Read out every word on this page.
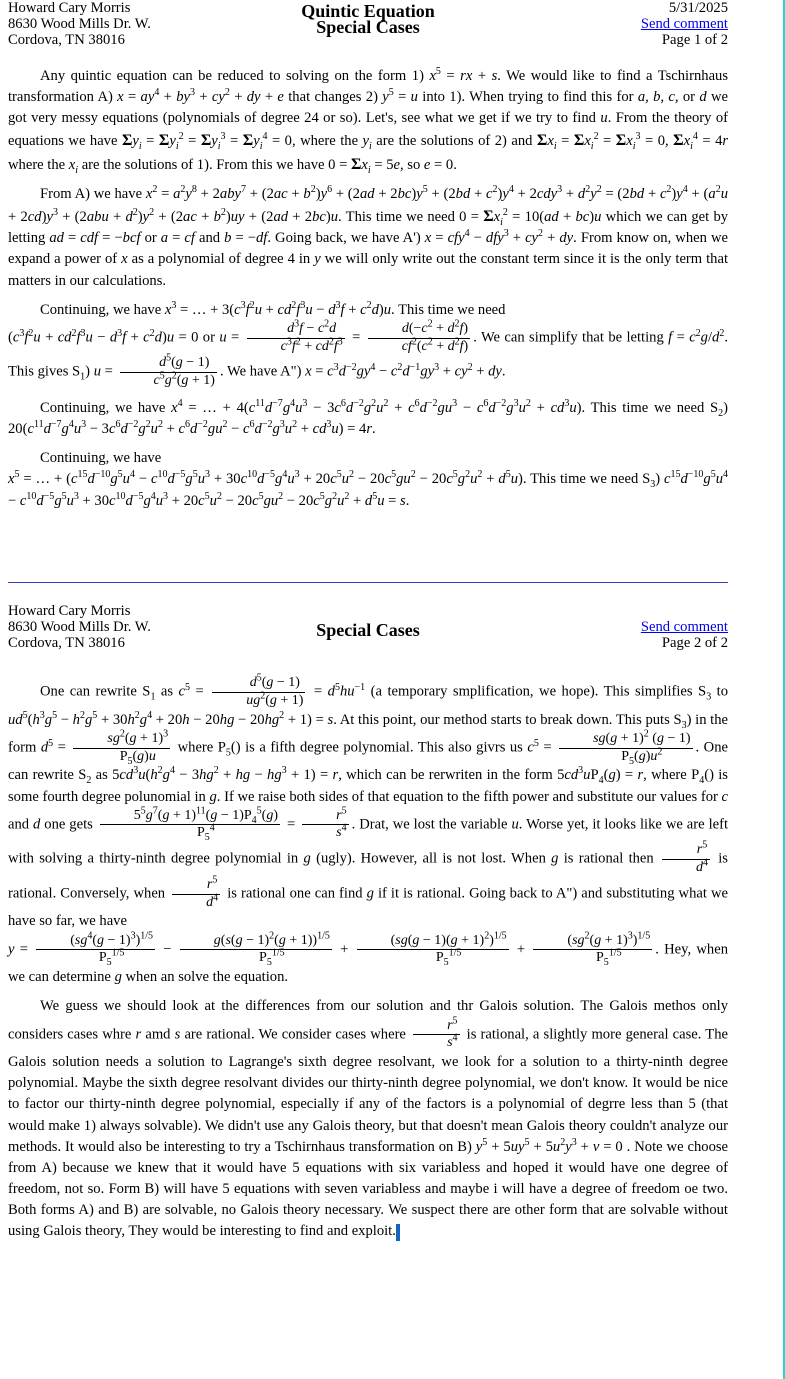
Howard Cary Morris
8630 Wood Mills Dr. W.
Cordova, TN 38016
Quintic Equation
Special Cases
5/31/2025
Send comment
Page 1 of 2

Any quintic equation can be reduced to solving on the form 1) $x^5$ = rx + s. We would like to find a Tschirnhaus transformation A) $x = ay^4 + by^3 + cy^2$ + dy + e that changes 2) $y^5 = u$ into 1). When trying to find this for a, b, c, or d we got very messy equations (polynomials of degree 24 or so). Let's, see what we get if we try to find u. From the theory of equations we have $\Sigma y_i = \Sigma y_i^2 = \Sigma y_i^3 = \Sigma y_i^4 = 0$, where the $y_i$ are the solutions of 2) and $\Sigma x_i = \Sigma x_i^2 = \Sigma x_i^3 = 0$, $\Sigma x_i^4 = 4r$ where the $x_i$ are the solutions of 1). From this we have $0 = \Sigma x_i = 5e$, so e = 0.

From A) we have $x^2 = a^2y^8 + 2aby^7 + (2ac + b^2)y^6 + (2ad + 2bc)y^5 + (2bd + c^2)y^4 + 2cdy^3 + d^2y^2 = (2bd + c^2)y^4 + (a^2u + 2cd)y^3 + (2abu + d^2)y^2 + (2ac + b^2)uy + (2ad + 2bc)u$. This time we need $0 = \Sigma x_i^2 = 10(ad + bc)u$ which we can get by letting ad = cdf = −bcf or a = cf and b = −df. Going back, we have A') $x = cfy^4 - dfy^3 + cy^2$ + dy. From know on, when we expand a power of x as a polynomial of degree 4 in y we will only write out the constant term since it is the only term that matters in our calculations.

Continuing, we have $x^3$ = … + $3(c^3f^2u + cd^2f^3u - d^3f + c^2d)u$. This time we need
$(c^3f^2u + cd^2f^3u - d^3f + c^2d)u = 0$ or $u = \frac{d^3f - c^2d}{c^3f^2 + cd^2f^3} = \frac{d(-c^2 + d^2f)}{cf^2(c^2 + d^2f)}$ . We can simplify that be letting $f = c^2g/d^2$. This gives $S_1$) $u = \frac{d^5(g - 1)}{c^5g^2(g + 1)}$ . We have A") $x = c^3d^{-2}gy^4 - c^2d^{-1}gy^3 + cy^2$ + dy.

Continuing, we have $x^4$ = … + $4(c^{11}d^{-7}g^4u^3 - 3c^6d^{-2}g^2u^2 + c^6d^{-2}gu^3 - c^6d^{-2}g^3u^2 + cd^3u)$. This time we need $S_2$) $20(c^{11}d^{-7}g^4u^3 - 3c^6d^{-2}g^2u^2 + c^6d^{-2}gu^2 - c^6d^{-2}g^3u^2 + cd^3u) = 4r$.

Continuing, we have
$x^5$ = … + $(c^{15}d^{-10}g^5u^4 - c^{10}d^{-5}g^5u^3 + 30c^{10}d^{-5}g^4u^3 + 20c^5u^2 - 20c^5gu^2 - 20c^5g^2u^2 + d^5u)$. This time we need $S_3$) $c^{15}d^{-10}g^5u^4 - c^{10}d^{-5}g^5u^3 + 30c^{10}d^{-5}g^4u^3 + 20c^5u^2 - 20c^5gu^2 - 20c^5g^2u^2 + d^5u = s$.

Howard Cary Morris
8630 Wood Mills Dr. W.
Cordova, TN 38016
Special Cases	Send comment
Page 2 of 2

One can rewrite $S_1$ as $c^5 = \frac{d^5(g - 1)}{ug^2(g + 1)} = d^5hu^{-1}$ (a temporary smplification, we hope). This simplifies $S_3$ to $ud^5(h^3g^5 - h^2g^5 + 30h^2g^4 + 20h - 20hg - 20hg^2 + 1) = s$. At this point, our method starts to break down. This puts $S_3$) in the form $d^5 = \frac{sg^2(g + 1)^3}{P_5(g)u}$ where $P_5()$ is a fifth degree polynomial. This also givrs us $c^5 = \frac{sg(g + 1)^2 (g - 1)}{P_5(g)u^2}$ . One can rewrite $S_2$ as $5cd^3u(h^2g^4 - 3hg^2$ + hg − $hg^3 + 1) = r$, which can be rerwriten in the form $5cd^3uP_4(g) = r$, where $P_4()$ is some fourth degree polunomial in g. If we raise both sides of that equation to the fifth power and substitute our values for c and d one gets $\frac{5^5g^7(g + 1)^{11}(g - 1)P_4^5(g)}{P_5^4} = \frac{r^5}{s^4}$ . Drat, we lost the variable u. Worse yet, it looks like we are left with solving a thirty-ninth degree polynomial in g (ugly). However, all is not lost. When g is rational then $\frac{r^5}{d^4}$ is rational. Conversely, when $\frac{r^5}{d^4}$ is rational one can find g if it is rational. Going back to A") and substituting what we have so far, we have
$y = \frac{(sg^4(g - 1)^3)^{1/5}}{P_5^{1/5}} - \frac{g(s(g - 1)^2(g + 1))^{1/5}}{P_5^{1/5}} + \frac{(sg(g - 1)(g + 1)^2)^{1/5}}{P_5^{1/5}} + \frac{(sg^2(g + 1)^3)^{1/5}}{P_5^{1/5}}$ . Hey, when we can determine g when an solve the equation.

We guess we should look at the differences from our solution and thr Galois solution. The Galois methos only considers cases whre r amd s are rational. We consider cases where $\frac{r^5}{s^4}$ is rational, a slightly more general case. The Galois solution needs a solution to Lagrange's sixth degree resolvant, we look for a solution to a thirty-ninth degree polynomial. Maybe the sixth degree resolvant divides our thirty-ninth degree polynomial, we don't know. It would be nice to factor our thirty-ninth degree polynomial, especially if any of the factors is a polynomial of degrre less than 5 (that would make 1) always solvable). We didn't use any Galois theory, but that doesn't mean Galois theory couldn't analyze our methods. It would also be interesting to try a Tschirnhaus transformation on B) $y^5 + 5uy^5 + 5u^2y^3 + v = 0$ . Note we choose from A) because we knew that it would have 5 equations with six variabless and hoped it would have one degree of freedom, not so. Form B) will have 5 equations with seven variabless and maybe i will have a degree of freedom oe two. Both forms A) and B) are solvable, no Galois theory necessary. We suspect there are other form that are solvable without using Galois theory, They would be interesting to find and exploit.
